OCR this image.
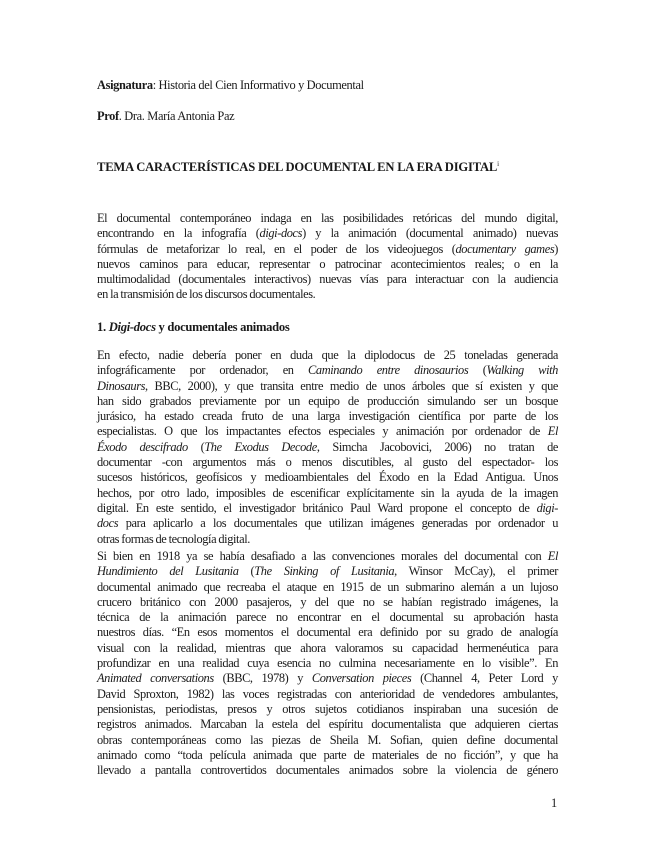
Asignatura: Historia del Cien Informativo y Documental
Prof. Dra. María Antonia Paz
TEMA CARACTERÍSTICAS DEL DOCUMENTAL EN LA ERA DIGITAL$^i$
El documental contemporáneo indaga en las posibilidades retóricas del mundo digital,
encontrando en la infografía (digi-docs) y la animación (documental animado) nuevas
fórmulas de metaforizar lo real, en el poder de los videojuegos (documentary games)
nuevos caminos para educar, representar o patrocinar acontecimientos reales; o en la
multimodalidad (documentales interactivos) nuevas vías para interactuar con la audiencia
en la transmisión de los discursos documentales.
1. Digi-docs y documentales animados
En efecto, nadie debería poner en duda que la diplodocus de 25 toneladas generada
infográficamente por ordenador, en Caminando entre dinosaurios (Walking with
Dinosaurs, BBC, 2000), y que transita entre medio de unos árboles que sí existen y que
han sido grabados previamente por un equipo de producción simulando ser un bosque
jurásico, ha estado creada fruto de una larga investigación científica por parte de los
especialistas. O que los impactantes efectos especiales y animación por ordenador de El
Éxodo descifrado (The Exodus Decode, Simcha Jacobovici, 2006) no tratan de
documentar -con argumentos más o menos discutibles, al gusto del espectador- los
sucesos históricos, geofísicos y medioambientales del Éxodo en la Edad Antigua. Unos
hechos, por otro lado, imposibles de escenificar explícitamente sin la ayuda de la imagen
digital. En este sentido, el investigador británico Paul Ward propone el concepto de digi-
docs para aplicarlo a los documentales que utilizan imágenes generadas por ordenador u
otras formas de tecnología digital.
Si bien en 1918 ya se había desafiado a las convenciones morales del documental con El
Hundimiento del Lusitania (The Sinking of Lusitania, Winsor McCay), el primer
documental animado que recreaba el ataque en 1915 de un submarino alemán a un lujoso
crucero británico con 2000 pasajeros, y del que no se habían registrado imágenes, la
técnica de la animación parece no encontrar en el documental su aprobación hasta
nuestros días. “En esos momentos el documental era definido por su grado de analogía
visual con la realidad, mientras que ahora valoramos su capacidad hermenéutica para
profundizar en una realidad cuya esencia no culmina necesariamente en lo visible”. En
Animated conversations (BBC, 1978) y Conversation pieces (Channel 4, Peter Lord y
David Sproxton, 1982) las voces registradas con anterioridad de vendedores ambulantes,
pensionistas, periodistas, presos y otros sujetos cotidianos inspiraban una sucesión de
registros animados. Marcaban la estela del espíritu documentalista que adquieren ciertas
obras contemporáneas como las piezas de Sheila M. Sofian, quien define documental
animado como “toda película animada que parte de materiales de no ficción”, y que ha
llevado a pantalla controvertidos documentales animados sobre la violencia de género
1
